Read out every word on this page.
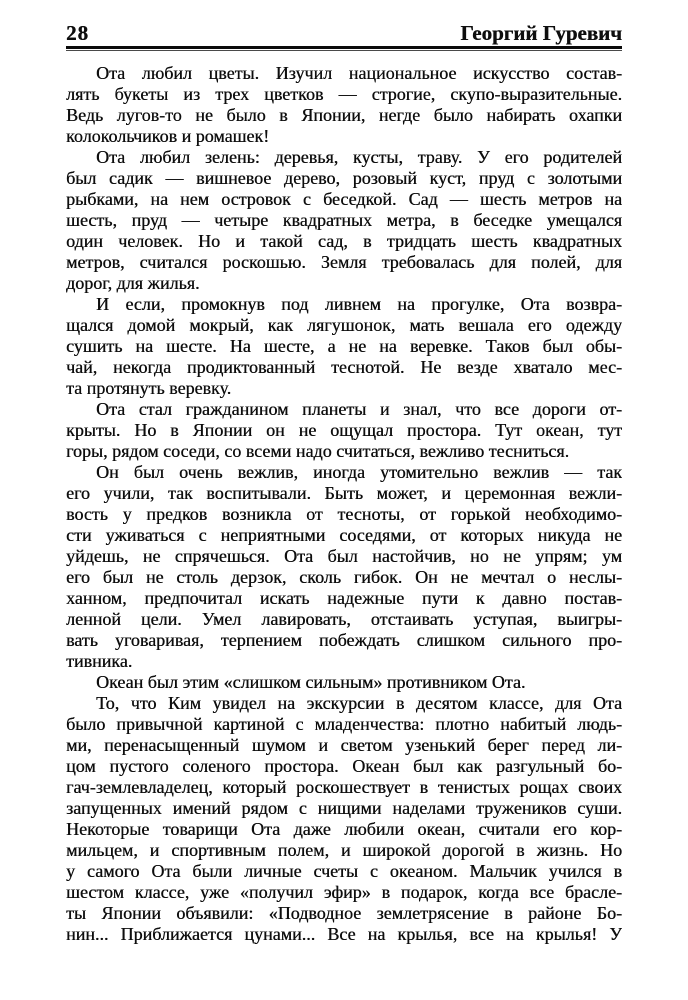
28	Георгий Гуревич
Ота любил цветы. Изучил национальное искусство состав-
лять букеты из трех цветков — строгие, скупо-выразительные.
Ведь лугов-то не было в Японии, негде было набирать охапки
колокольчиков и ромашек!
Ота любил зелень: деревья, кусты, траву. У его родителей
был садик — вишневое дерево, розовый куст, пруд с золотыми
рыбками, на нем островок с беседкой. Сад — шесть метров на
шесть, пруд — четыре квадратных метра, в беседке умещался
один человек. Но и такой сад, в тридцать шесть квадратных
метров, считался роскошью. Земля требовалась для полей, для
дорог, для жилья.
И если, промокнув под ливнем на прогулке, Ота возвра-
щался домой мокрый, как лягушонок, мать вешала его одежду
сушить на шесте. На шесте, а не на веревке. Таков был обы-
чай, некогда продиктованный теснотой. Не везде хватало мес-
та протянуть веревку.
Ота стал гражданином планеты и знал, что все дороги от-
крыты. Но в Японии он не ощущал простора. Тут океан, тут
горы, рядом соседи, со всеми надо считаться, вежливо тесниться.
Он был очень вежлив, иногда утомительно вежлив — так
его учили, так воспитывали. Быть может, и церемонная вежли-
вость у предков возникла от тесноты, от горькой необходимо-
сти уживаться с неприятными соседями, от которых никуда не
уйдешь, не спрячешься. Ота был настойчив, но не упрям; ум
его был не столь дерзок, сколь гибок. Он не мечтал о неслы-
ханном, предпочитал искать надежные пути к давно постав-
ленной цели. Умел лавировать, отстаивать уступая, выигры-
вать уговаривая, терпением побеждать слишком сильного про-
тивника.
Океан был этим «слишком сильным» противником Ота.
То, что Ким увидел на экскурсии в десятом классе, для Ота
было привычной картиной с младенчества: плотно набитый людь-
ми, перенасыщенный шумом и светом узенький берег перед ли-
цом пустого соленого простора. Океан был как разгульный бо-
гач-землевладелец, который роскошествует в тенистых рощах своих
запущенных имений рядом с нищими наделами тружеников суши.
Некоторые товарищи Ота даже любили океан, считали его кор-
мильцем, и спортивным полем, и широкой дорогой в жизнь. Но
у самого Ота были личные счеты с океаном. Мальчик учился в
шестом классе, уже «получил эфир» в подарок, когда все брасле-
ты Японии объявили: «Подводное землетрясение в районе Бо-
нин... Приближается цунами... Все на крылья, все на крылья! У
